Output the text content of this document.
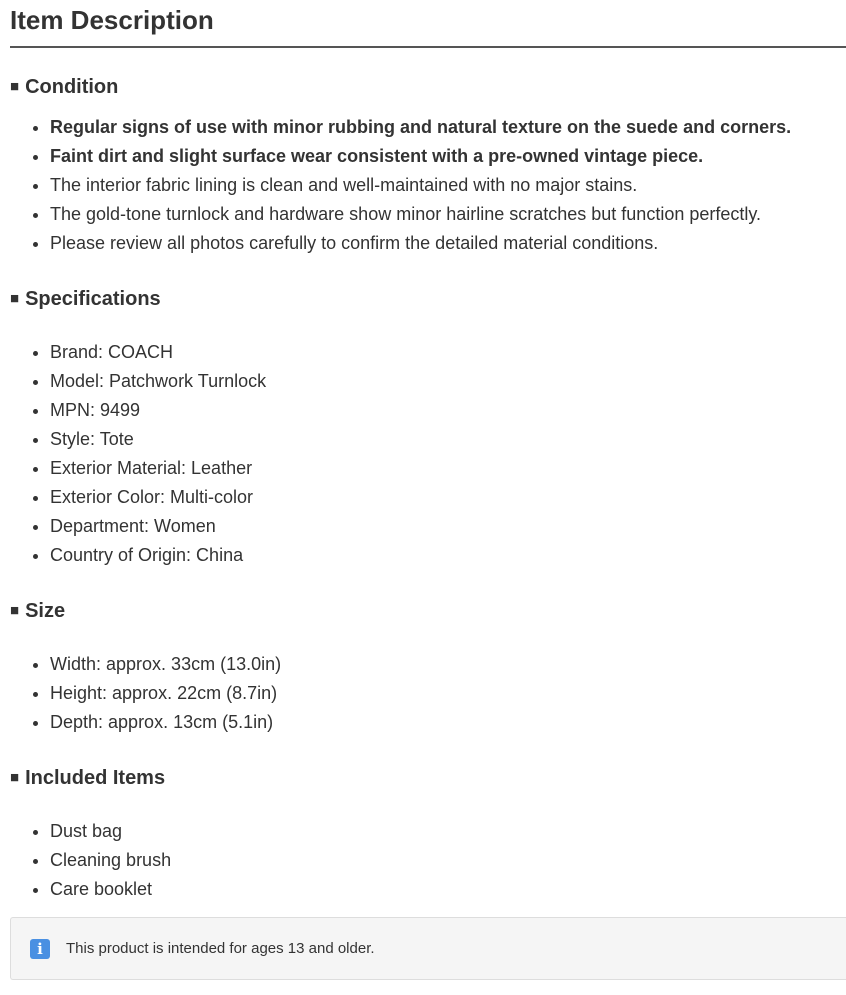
Item Description
■ Condition
• Regular signs of use with minor rubbing and natural texture on the suede and corners.
• Faint dirt and slight surface wear consistent with a pre-owned vintage piece.
• The interior fabric lining is clean and well-maintained with no major stains.
• The gold-tone turnlock and hardware show minor hairline scratches but function perfectly.
• Please review all photos carefully to confirm the detailed material conditions.
■ Specifications
• Brand: COACH
• Model: Patchwork Turnlock
• MPN: 9499
• Style: Tote
• Exterior Material: Leather
• Exterior Color: Multi-color
• Department: Women
• Country of Origin: China
■ Size
• Width: approx. 33cm (13.0in)
• Height: approx. 22cm (8.7in)
• Depth: approx. 13cm (5.1in)
■ Included Items
• Dust bag
• Cleaning brush
• Care booklet
i	This product is intended for ages 13 and older.
